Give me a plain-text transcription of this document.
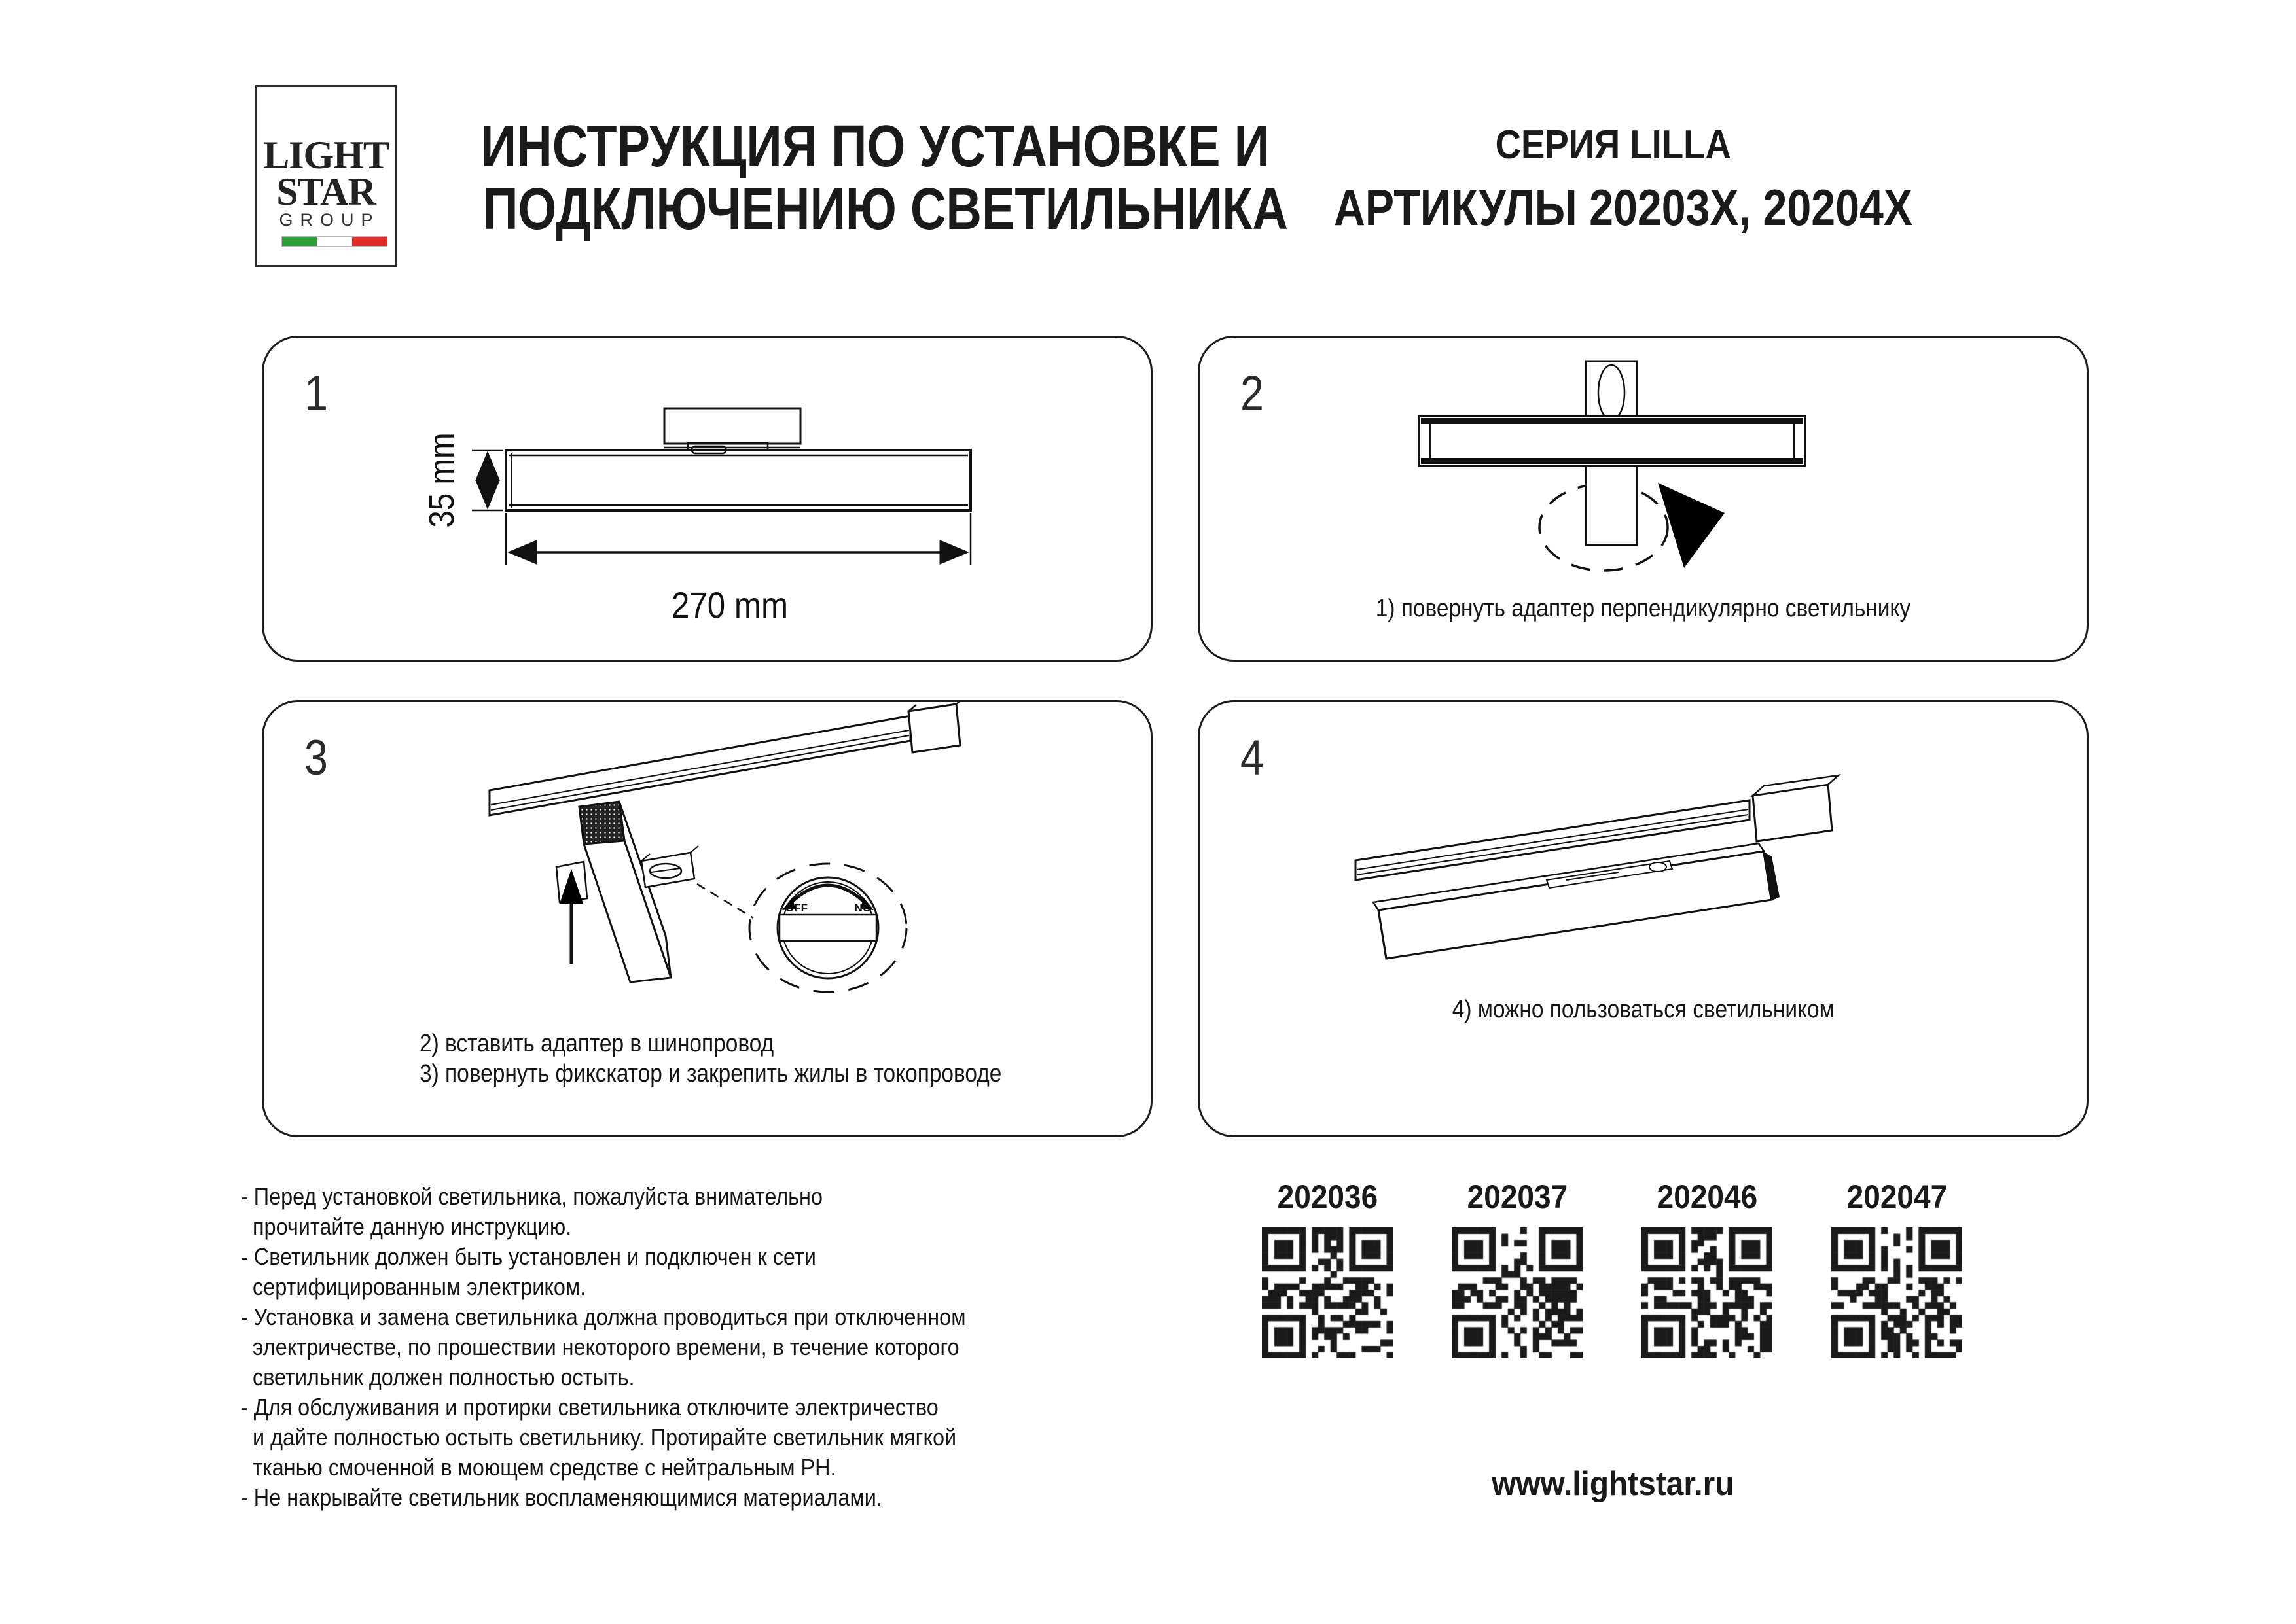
LIGHT
STAR
GROUP
ИНСТРУКЦИЯ ПО УСТАНОВКЕ И
ПОДКЛЮЧЕНИЮ СВЕТИЛЬНИКА
СЕРИЯ LILLA
АРТИКУЛЫ 20203X, 20204X
35 mm
270 mm
1	2
1) повернуть адаптер перпендикулярно светильнику
OFF	NO
3
2) вставить адаптер в шинопровод
3) повернуть фикскатор и закрепить жилы в токопроводе
4
4) можно пользоваться светильником
- Перед установкой светильника, пожалуйста внимательно
прочитайте данную инструкцию.
- Светильник должен быть установлен и подключен к сети
сертифицированным электриком.
- Установка и замена светильника должна проводиться при отключенном
электричестве, по прошествии некоторого времени, в течение которого
светильник должен полностью остыть.
- Для обслуживания и протирки светильника отключите электричество
и дайте полностью остыть светильнику. Протирайте светильник мягкой
тканью смоченной в моющем средстве с нейтральным PH.
- Не накрывайте светильник воспламеняющимися материалами.
202036	202037	202046	202047
www.lightstar.ru
